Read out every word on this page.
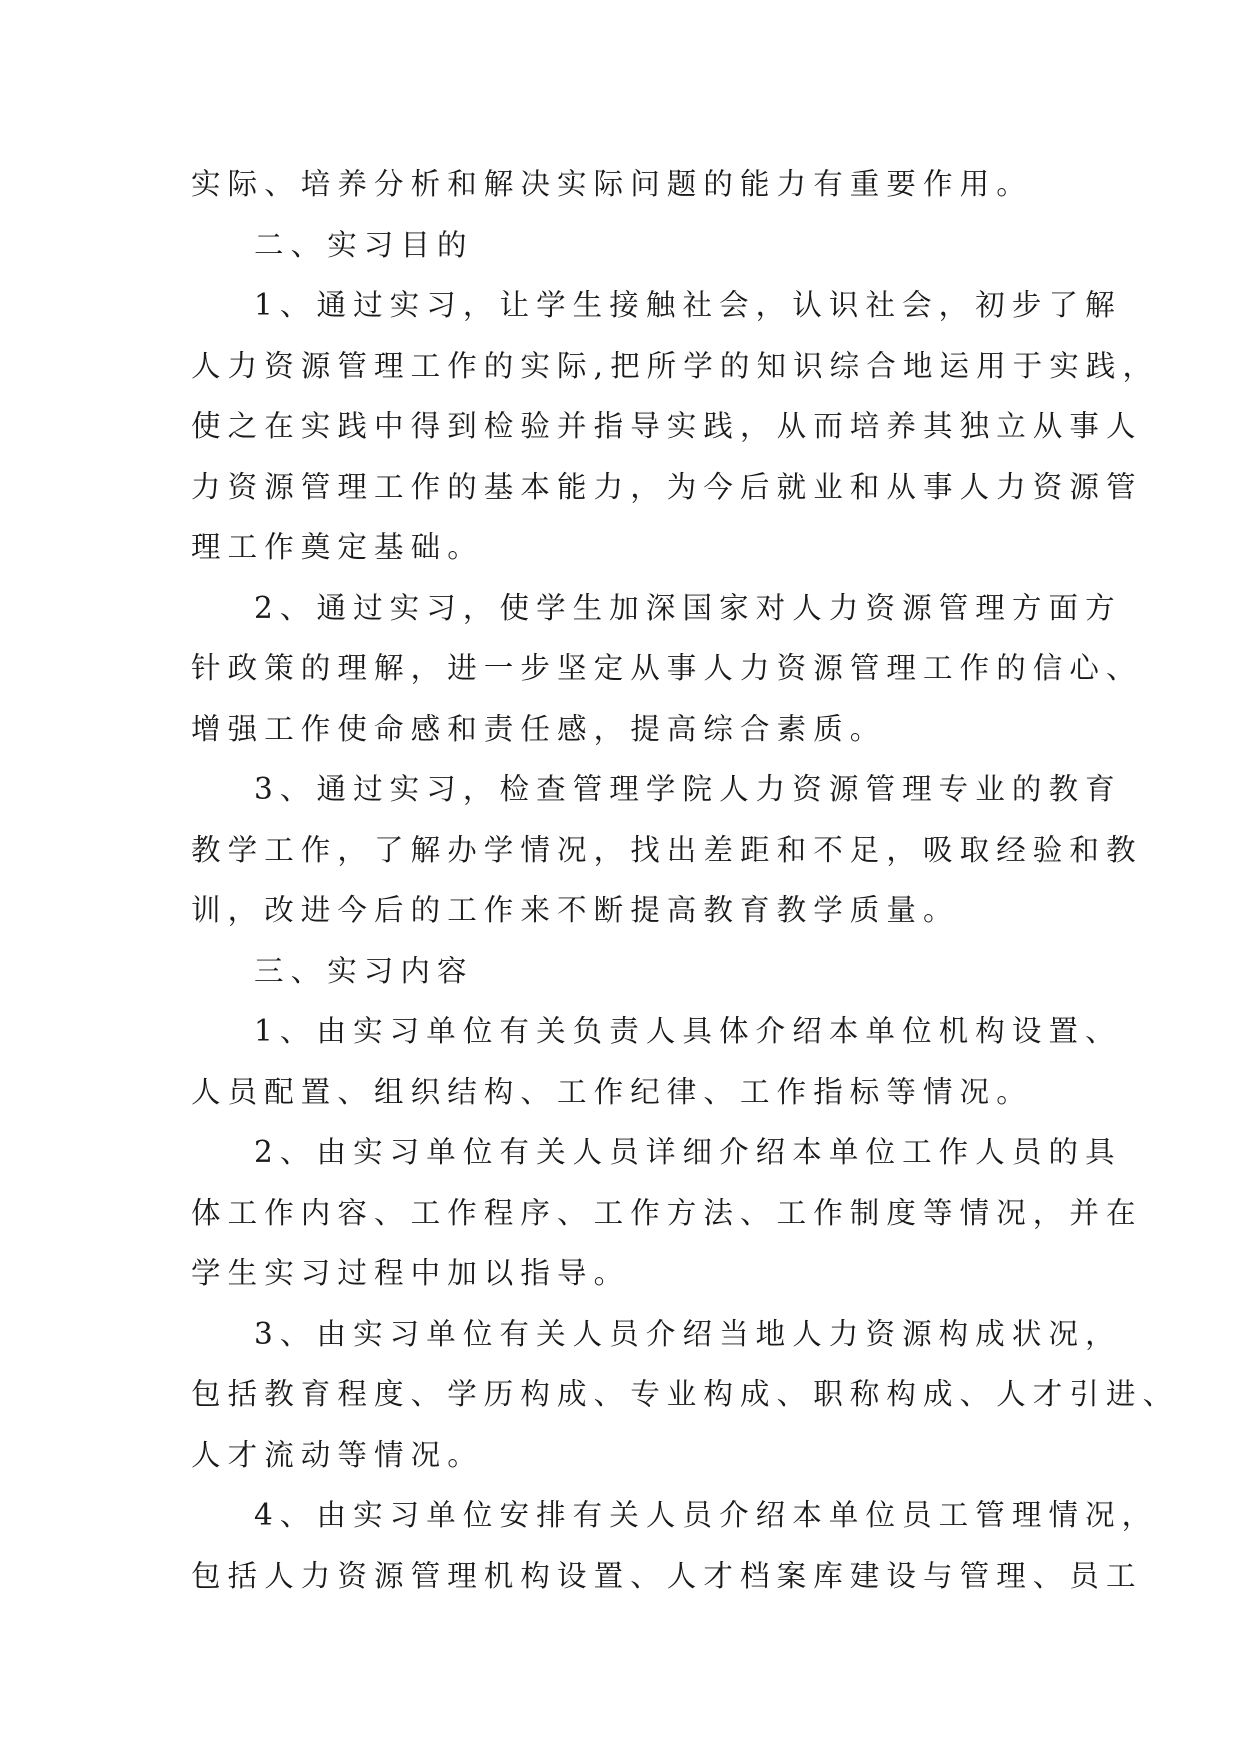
实际、培养分析和解决实际问题的能力有重要作用。
二、实习目的
1、通过实习，让学生接触社会，认识社会，初步了解
人力资源管理工作的实际,把所学的知识综合地运用于实践，
使之在实践中得到检验并指导实践，从而培养其独立从事人
力资源管理工作的基本能力，为今后就业和从事人力资源管
理工作奠定基础。
2、通过实习，使学生加深国家对人力资源管理方面方
针政策的理解，进一步坚定从事人力资源管理工作的信心、
增强工作使命感和责任感，提高综合素质。
3、通过实习，检查管理学院人力资源管理专业的教育
教学工作，了解办学情况，找出差距和不足，吸取经验和教
训，改进今后的工作来不断提高教育教学质量。
三、实习内容
1、由实习单位有关负责人具体介绍本单位机构设置、
人员配置、组织结构、工作纪律、工作指标等情况。
2、由实习单位有关人员详细介绍本单位工作人员的具
体工作内容、工作程序、工作方法、工作制度等情况，并在
学生实习过程中加以指导。
3、由实习单位有关人员介绍当地人力资源构成状况，
包括教育程度、学历构成、专业构成、职称构成、人才引进、
人才流动等情况。
4、由实习单位安排有关人员介绍本单位员工管理情况，
包括人力资源管理机构设置、人才档案库建设与管理、员工
